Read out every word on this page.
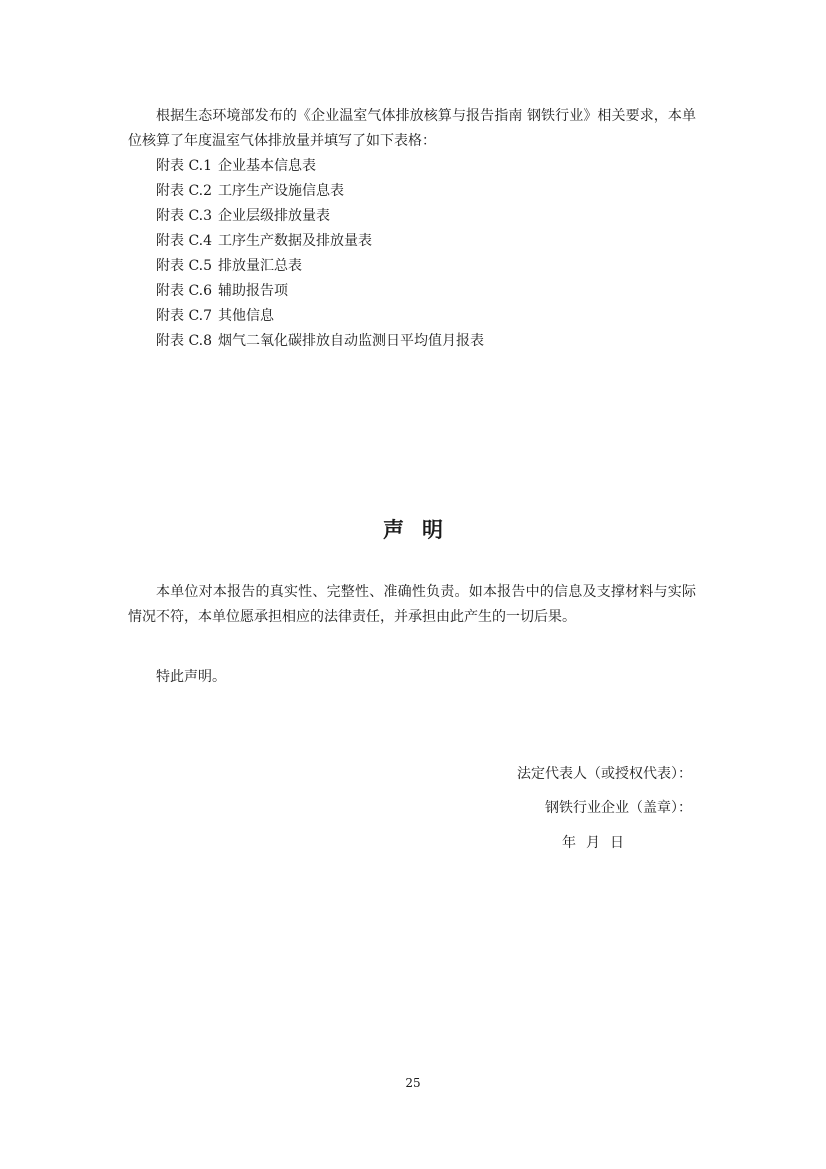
根据生态环境部发布的《企业温室气体排放核算与报告指南 钢铁行业》相关要求，本单位核算了年度温室气体排放量并填写了如下表格：

附表 C.1 企业基本信息表
附表 C.2 工序生产设施信息表
附表 C.3 企业层级排放量表
附表 C.4 工序生产数据及排放量表
附表 C.5 排放量汇总表
附表 C.6 辅助报告项
附表 C.7 其他信息
附表 C.8 烟气二氧化碳排放自动监测日平均值月报表
声明

本单位对本报告的真实性、完整性、准确性负责。如本报告中的信息及支撑材料与实际情况不符，本单位愿承担相应的法律责任，并承担由此产生的一切后果。

特此声明。

法定代表人（或授权代表）：

钢铁行业企业（盖章）：

年 月 日

25
